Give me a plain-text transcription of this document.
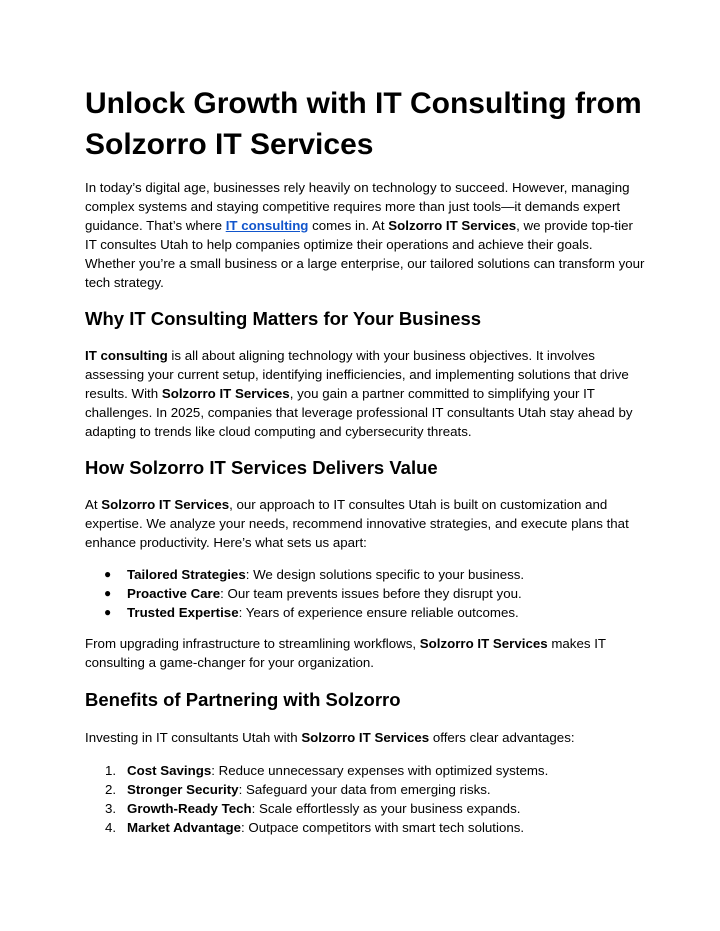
Unlock Growth with IT Consulting from Solzorro IT Services

In today’s digital age, businesses rely heavily on technology to succeed. However, managing complex systems and staying competitive requires more than just tools—it demands expert guidance. That’s where IT consulting comes in. At Solzorro IT Services, we provide top-tier IT consultes Utah to help companies optimize their operations and achieve their goals. Whether you’re a small business or a large enterprise, our tailored solutions can transform your tech strategy.

Why IT Consulting Matters for Your Business

IT consulting is all about aligning technology with your business objectives. It involves assessing your current setup, identifying inefficiencies, and implementing solutions that drive results. With Solzorro IT Services, you gain a partner committed to simplifying your IT challenges. In 2025, companies that leverage professional IT consultants Utah stay ahead by adapting to trends like cloud computing and cybersecurity threats.

How Solzorro IT Services Delivers Value

At Solzorro IT Services, our approach to IT consultes Utah is built on customization and expertise. We analyze your needs, recommend innovative strategies, and execute plans that enhance productivity. Here’s what sets us apart:

● Tailored Strategies: We design solutions specific to your business.
● Proactive Care: Our team prevents issues before they disrupt you.
● Trusted Expertise: Years of experience ensure reliable outcomes.

From upgrading infrastructure to streamlining workflows, Solzorro IT Services makes IT consulting a game-changer for your organization.

Benefits of Partnering with Solzorro

Investing in IT consultants Utah with Solzorro IT Services offers clear advantages:

1. Cost Savings: Reduce unnecessary expenses with optimized systems.
2. Stronger Security: Safeguard your data from emerging risks.
3. Growth-Ready Tech: Scale effortlessly as your business expands.
4. Market Advantage: Outpace competitors with smart tech solutions.
